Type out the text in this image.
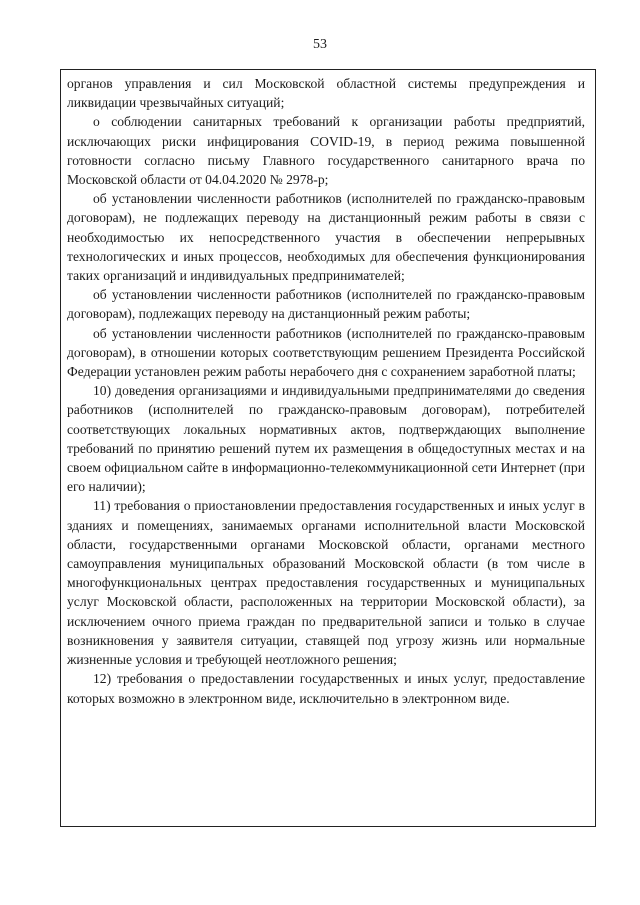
53

органов управления и сил Московской областной системы предупреждения и ликвидации чрезвычайных ситуаций;

о соблюдении санитарных требований к организации работы предприятий, исключающих риски инфицирования COVID-19, в период режима повышенной готовности согласно письму Главного государственного санитарного врача по Московской области от 04.04.2020 № 2978-р;

об установлении численности работников (исполнителей по гражданско-правовым договорам), не подлежащих переводу на дистанционный режим работы в связи с необходимостью их непосредственного участия в обеспечении непрерывных технологических и иных процессов, необходимых для обеспечения функционирования таких организаций и индивидуальных предпринимателей;

об установлении численности работников (исполнителей по гражданско-правовым договорам), подлежащих переводу на дистанционный режим работы;

об установлении численности работников (исполнителей по гражданско-правовым договорам), в отношении которых соответствующим решением Президента Российской Федерации установлен режим работы нерабочего дня с сохранением заработной платы;

10) доведения организациями и индивидуальными предпринимателями до сведения работников (исполнителей по гражданско-правовым договорам), потребителей соответствующих локальных нормативных актов, подтверждающих выполнение требований по принятию решений путем их размещения в общедоступных местах и на своем официальном сайте в информационно-телекоммуникационной сети Интернет (при его наличии);

11) требования о приостановлении предоставления государственных и иных услуг в зданиях и помещениях, занимаемых органами исполнительной власти Московской области, государственными органами Московской области, органами местного самоуправления муниципальных образований Московской области (в том числе в многофункциональных центрах предоставления государственных и муниципальных услуг Московской области, расположенных на территории Московской области), за исключением очного приема граждан по предварительной записи и только в случае возникновения у заявителя ситуации, ставящей под угрозу жизнь или нормальные жизненные условия и требующей неотложного решения;

12) требования о предоставлении государственных и иных услуг, предоставление которых возможно в электронном виде, исключительно в электронном виде.
